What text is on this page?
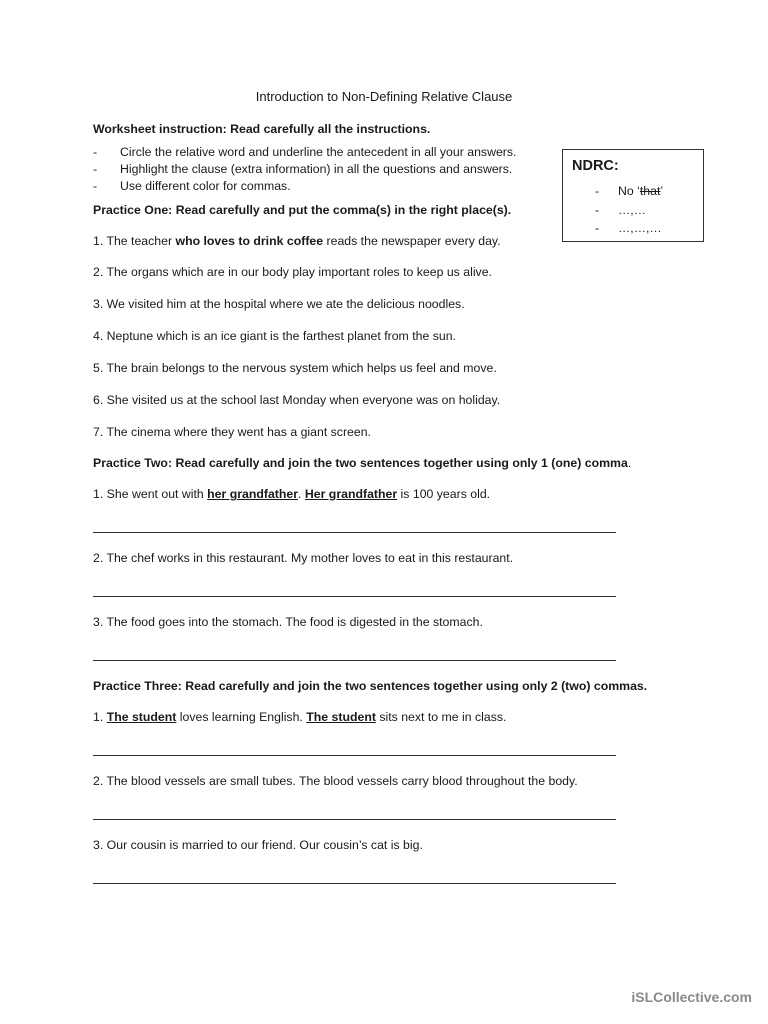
Introduction to Non-Defining Relative Clause
Worksheet instruction: Read carefully all the instructions.
- Circle the relative word and underline the antecedent in all your answers.
- Highlight the clause (extra information) in all the questions and answers.
- Use different color for commas.
NDRC:
- No ‘that’
- …,…
- …,…,…
Practice One: Read carefully and put the comma(s) in the right place(s).
1. The teacher who loves to drink coffee reads the newspaper every day.
2. The organs which are in our body play important roles to keep us alive.
3. We visited him at the hospital where we ate the delicious noodles.
4. Neptune which is an ice giant is the farthest planet from the sun.
5. The brain belongs to the nervous system which helps us feel and move.
6. She visited us at the school last Monday when everyone was on holiday.
7. The cinema where they went has a giant screen.
Practice Two: Read carefully and join the two sentences together using only 1 (one) comma.
1. She went out with her grandfather. Her grandfather is 100 years old.
2. The chef works in this restaurant. My mother loves to eat in this restaurant.
3. The food goes into the stomach. The food is digested in the stomach.
Practice Three: Read carefully and join the two sentences together using only 2 (two) commas.
1. The student loves learning English. The student sits next to me in class.
2. The blood vessels are small tubes. The blood vessels carry blood throughout the body.
3. Our cousin is married to our friend. Our cousin’s cat is big.
iSLCollective.com
